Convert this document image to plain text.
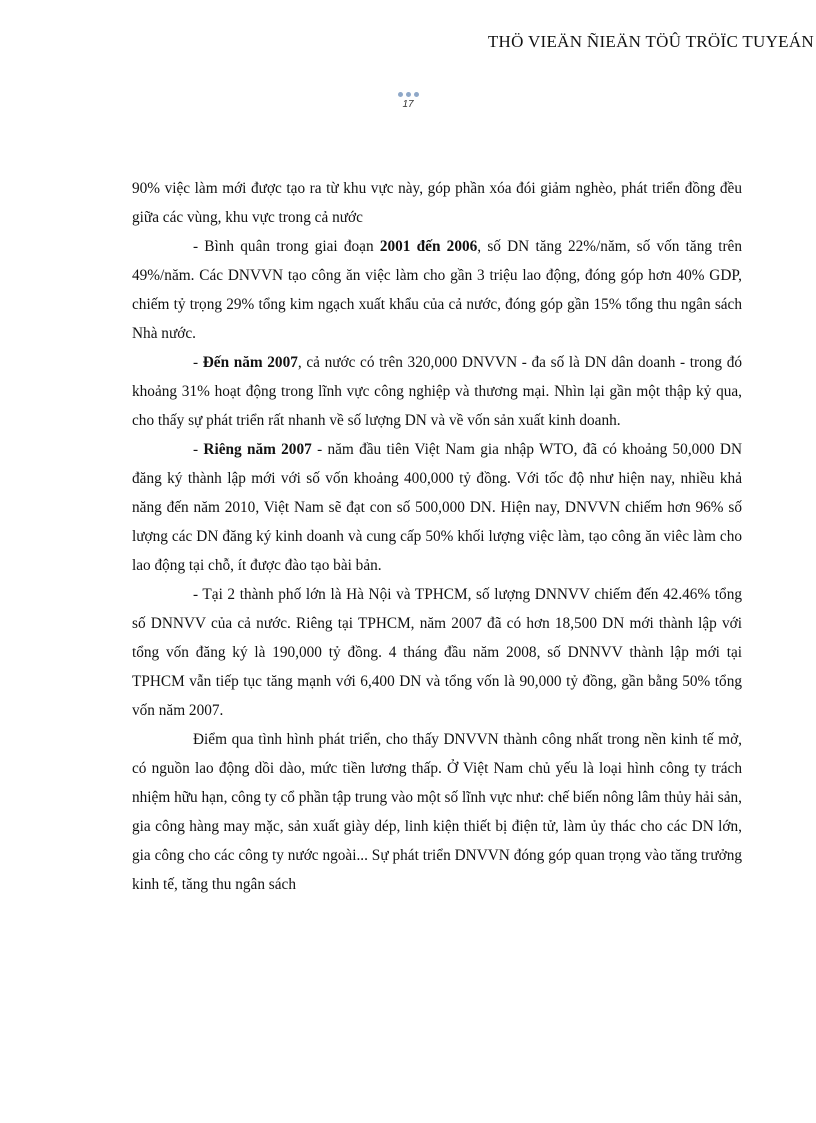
THÖ VIEÄN ÑIEÄN TÖÛ TRÖÏC TUYEÁN
17

90% việc làm mới được tạo ra từ khu vực này, góp phần xóa đói giảm nghèo, phát triển đồng đều giữa các vùng, khu vực trong cả nước

- Bình quân trong giai đoạn 2001 đến 2006, số DN tăng 22%/năm, số vốn tăng trên 49%/năm. Các DNVVN tạo công ăn việc làm cho gần 3 triệu lao động, đóng góp hơn 40% GDP, chiếm tỷ trọng 29% tổng kim ngạch xuất khẩu của cả nước, đóng góp gần 15% tổng thu ngân sách Nhà nước.

- Đến năm 2007, cả nước có trên 320,000 DNVVN - đa số là DN dân doanh - trong đó khoảng 31% hoạt động trong lĩnh vực công nghiệp và thương mại. Nhìn lại gần một thập kỷ qua, cho thấy sự phát triển rất nhanh về số lượng DN và về vốn sản xuất kinh doanh.

- Riêng năm 2007 - năm đầu tiên Việt Nam gia nhập WTO, đã có khoảng 50,000 DN đăng ký thành lập mới với số vốn khoảng 400,000 tỷ đồng. Với tốc độ như hiện nay, nhiều khả năng đến năm 2010, Việt Nam sẽ đạt con số 500,000 DN. Hiện nay, DNVVN chiếm hơn 96% số lượng các DN đăng ký kinh doanh và cung cấp 50% khối lượng việc làm, tạo công ăn viêc làm cho lao động tại chỗ, ít được đào tạo bài bản.

- Tại 2 thành phố lớn là Hà Nội và TPHCM, số lượng DNNVV chiếm đến 42.46% tổng số DNNVV của cả nước. Riêng tại TPHCM, năm 2007 đã có hơn 18,500 DN mới thành lập với tổng vốn đăng ký là 190,000 tỷ đồng. 4 tháng đầu năm 2008, số DNNVV thành lập mới tại TPHCM vẫn tiếp tục tăng mạnh với 6,400 DN và tổng vốn là 90,000 tỷ đồng, gần bằng 50% tổng vốn năm 2007.

Điểm qua tình hình phát triển, cho thấy DNVVN thành công nhất trong nền kinh tế mở, có nguồn lao động dồi dào, mức tiền lương thấp. Ở Việt Nam chủ yếu là loại hình công ty trách nhiệm hữu hạn, công ty cổ phần tập trung vào một số lĩnh vực như: chế biến nông lâm thủy hải sản, gia công hàng may mặc, sản xuất giày dép, linh kiện thiết bị điện tử, làm ủy thác cho các DN lớn, gia công cho các công ty nước ngoài... Sự phát triển DNVVN đóng góp quan trọng vào tăng trưởng kinh tế, tăng thu ngân sách
